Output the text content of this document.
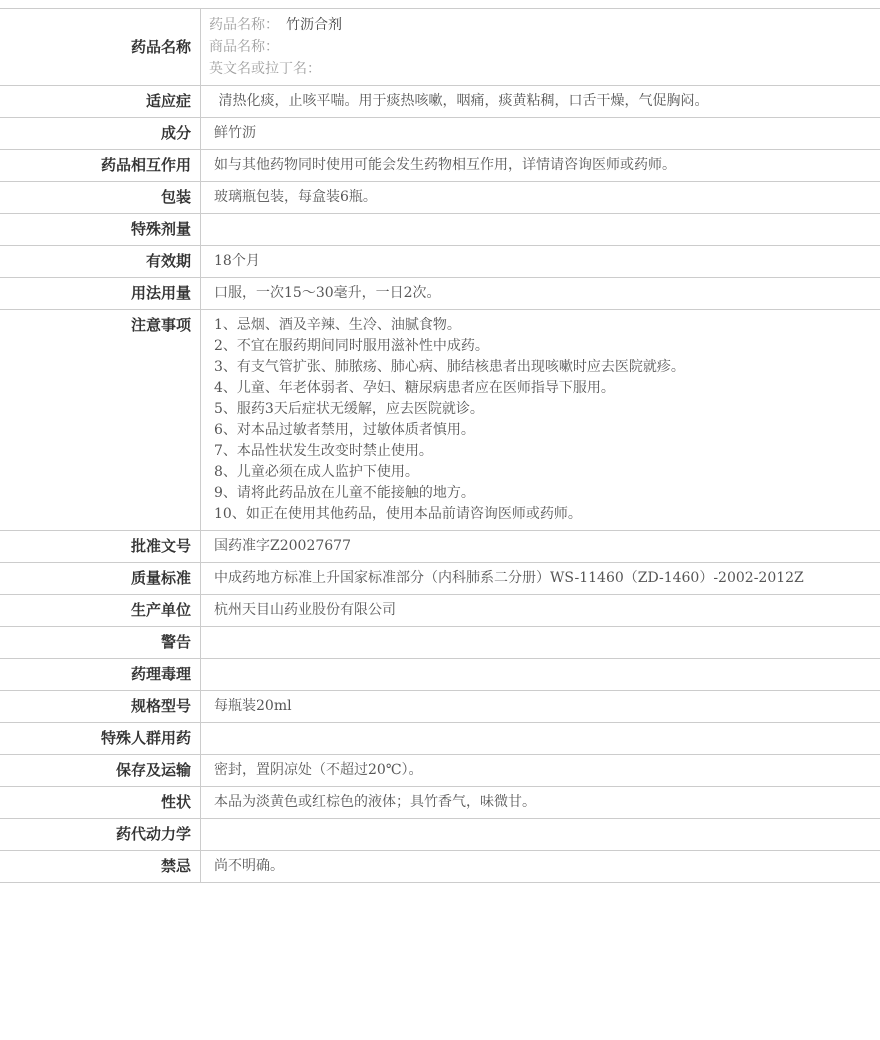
药品名称
药品名称： 竹沥合剂
商品名称：
英文名或拉丁名：
适应症	清热化痰，止咳平喘。用于痰热咳嗽，咽痛，痰黄粘稠，口舌干燥，气促胸闷。
成分	鲜竹沥
药品相互作用	如与其他药物同时使用可能会发生药物相互作用，详情请咨询医师或药师。
包装	玻璃瓶包装，每盒装6瓶。
特殊剂量
有效期	18个月
用法用量	口服，一次15～30毫升，一日2次。
注意事项	1、忌烟、酒及辛辣、生冷、油腻食物。
2、不宜在服药期间同时服用滋补性中成药。
3、有支气管扩张、肺脓疡、肺心病、肺结核患者出现咳嗽时应去医院就疹。
4、儿童、年老体弱者、孕妇、糖尿病患者应在医师指导下服用。
5、服药3天后症状无缓解，应去医院就诊。
6、对本品过敏者禁用，过敏体质者慎用。
7、本品性状发生改变时禁止使用。
8、儿童必须在成人监护下使用。
9、请将此药品放在儿童不能接触的地方。
10、如正在使用其他药品，使用本品前请咨询医师或药师。
批准文号	国药准字Z20027677
质量标准	中成药地方标准上升国家标准部分（内科肺系二分册）WS-11460（ZD-1460）-2002-2012Z
生产单位	杭州天目山药业股份有限公司
警告
药理毒理
规格型号	每瓶装20ml
特殊人群用药
保存及运输	密封，置阴凉处（不超过20℃）。
性状	本品为淡黄色或红棕色的液体；具竹香气，味微甘。
药代动力学
禁忌	尚不明确。
